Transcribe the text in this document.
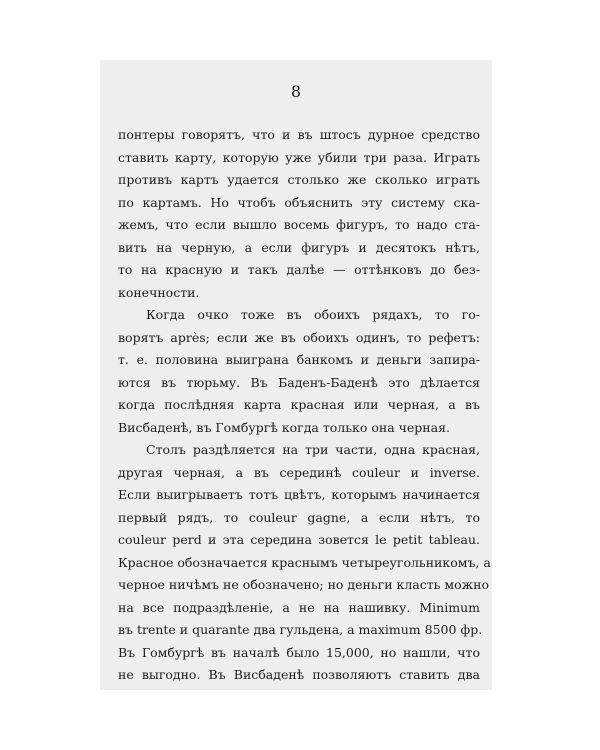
8
понтеры говорятъ, что и въ штосъ дурное средство
ставить карту, которую уже убили три раза. Играть
противъ картъ удается столько же сколько играть
по картамъ. Но чтобъ объяснить эту систему ска-
жемъ, что если вышло восемь фигуръ, то надо ста-
вить на черную, а если фигуръ и десятокъ нѣтъ,
то на красную и такъ далѣе — оттѣнковъ до без-
конечности.
Когда очко тоже въ обоихъ рядахъ, то го-
ворятъ après; если же въ обоихъ одинъ, то рефетъ:
т. е. половина выиграна банкомъ и деньги запира-
ются въ тюрьму. Въ Баденъ-Баденѣ это дѣлается
когда послѣдняя карта красная или черная, а въ
Висбаденѣ, въ Гомбургѣ когда только она черная.
Столъ раздѣляется на три части, одна красная,
другая черная, а въ серединѣ couleur и inverse.
Если выигрываетъ тотъ цвѣтъ, которымъ начинается
первый рядъ, то couleur gagne, а если нѣтъ, то
couleur perd и эта середина зовется le petit tableau.
Красное обозначается краснымъ четыреугольникомъ, а
черное ничѣмъ не обозначено; но деньги класть можно
на все подраздѣленіе, а не на нашивку. Minimum
въ trente и quarante два гульдена, а maximum 8500 фр.
Въ Гомбургѣ въ началѣ было 15,000, но нашли, что
не выгодно. Въ Висбаденѣ позволяютъ ставить два
